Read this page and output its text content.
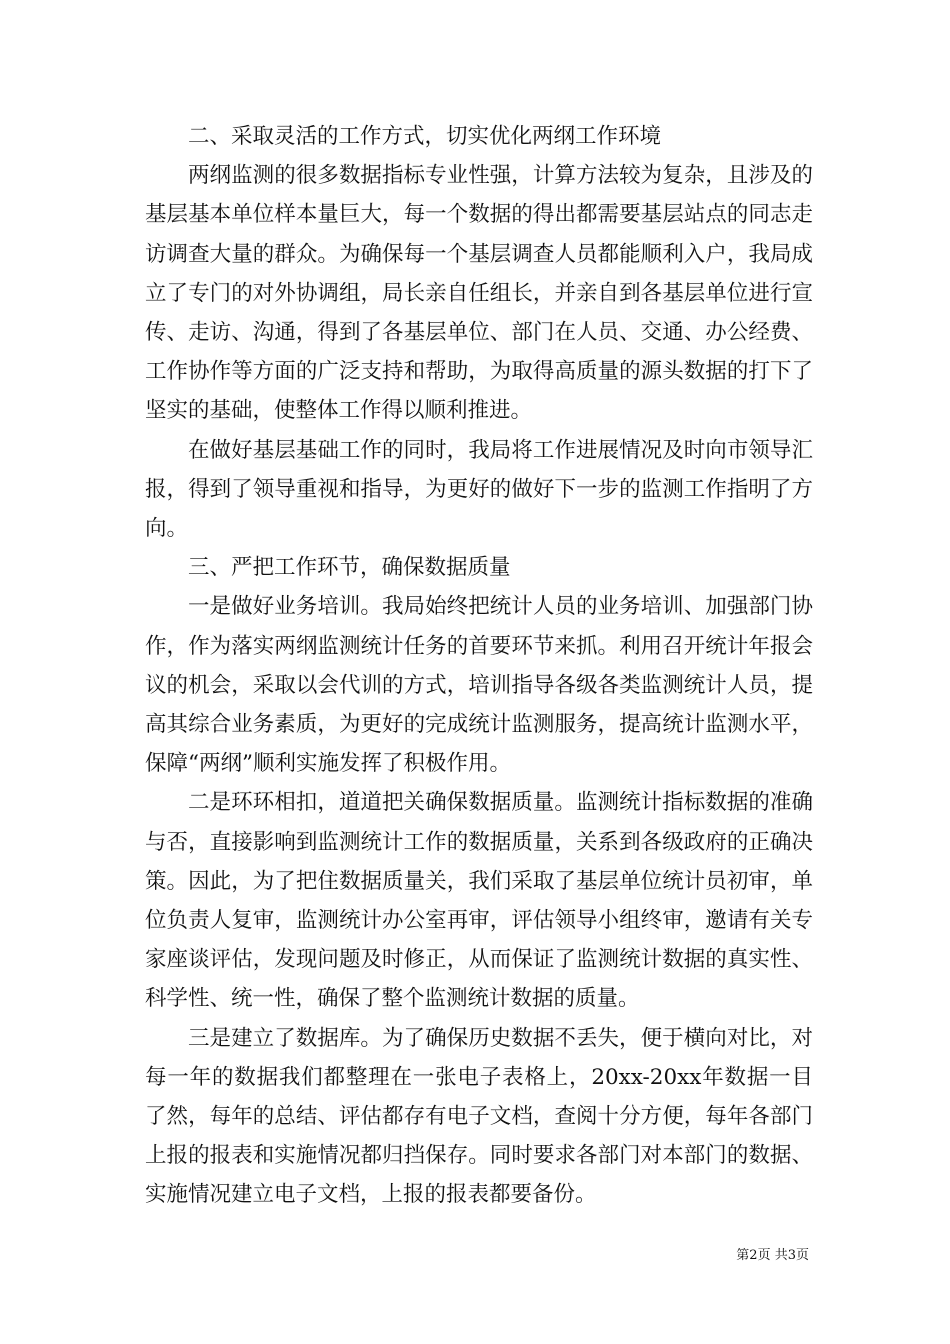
二、采取灵活的工作方式，切实优化两纲工作环境

两纲监测的很多数据指标专业性强，计算方法较为复杂，且涉及的基层基本单位样本量巨大，每一个数据的得出都需要基层站点的同志走访调查大量的群众。为确保每一个基层调查人员都能顺利入户，我局成立了专门的对外协调组，局长亲自任组长，并亲自到各基层单位进行宣传、走访、沟通，得到了各基层单位、部门在人员、交通、办公经费、工作协作等方面的广泛支持和帮助，为取得高质量的源头数据的打下了坚实的基础，使整体工作得以顺利推进。

在做好基层基础工作的同时，我局将工作进展情况及时向市领导汇报，得到了领导重视和指导，为更好的做好下一步的监测工作指明了方向。

三、严把工作环节，确保数据质量

一是做好业务培训。我局始终把统计人员的业务培训、加强部门协作，作为落实两纲监测统计任务的首要环节来抓。利用召开统计年报会议的机会，采取以会代训的方式，培训指导各级各类监测统计人员，提高其综合业务素质，为更好的完成统计监测服务，提高统计监测水平，保障“两纲”顺利实施发挥了积极作用。

二是环环相扣，道道把关确保数据质量。监测统计指标数据的准确与否，直接影响到监测统计工作的数据质量，关系到各级政府的正确决策。因此，为了把住数据质量关，我们采取了基层单位统计员初审，单位负责人复审，监测统计办公室再审，评估领导小组终审，邀请有关专家座谈评估，发现问题及时修正，从而保证了监测统计数据的真实性、科学性、统一性，确保了整个监测统计数据的质量。

三是建立了数据库。为了确保历史数据不丢失，便于横向对比，对每一年的数据我们都整理在一张电子表格上，20xx-20xx年数据一目了然，每年的总结、评估都存有电子文档，查阅十分方便，每年各部门上报的报表和实施情况都归挡保存。同时要求各部门对本部门的数据、实施情况建立电子文档，上报的报表都要备份。

第2页 共3页
